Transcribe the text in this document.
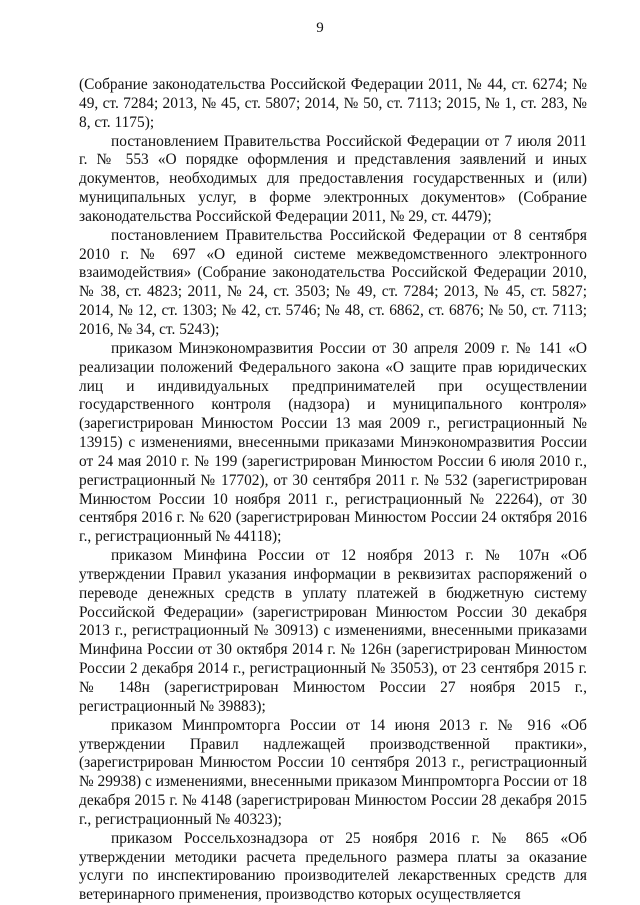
9

(Собрание законодательства Российской Федерации 2011, № 44, ст. 6274; № 49, ст. 7284; 2013, № 45, ст. 5807; 2014, № 50, ст. 7113; 2015, № 1, ст. 283, № 8, ст. 1175);

постановлением Правительства Российской Федерации от 7 июля 2011 г. № 553 «О порядке оформления и представления заявлений и иных документов, необходимых для предоставления государственных и (или) муниципальных услуг, в форме электронных документов» (Собрание законодательства Российской Федерации 2011, № 29, ст. 4479);

постановлением Правительства Российской Федерации от 8 сентября 2010 г. № 697 «О единой системе межведомственного электронного взаимодействия» (Собрание законодательства Российской Федерации 2010, № 38, ст. 4823; 2011, № 24, ст. 3503; № 49, ст. 7284; 2013, № 45, ст. 5827; 2014, № 12, ст. 1303; № 42, ст. 5746; № 48, ст. 6862, ст. 6876; № 50, ст. 7113; 2016, № 34, ст. 5243);

приказом Минэкономразвития России от 30 апреля 2009 г. № 141 «О реализации положений Федерального закона «О защите прав юридических лиц и индивидуальных предпринимателей при осуществлении государственного контроля (надзора) и муниципального контроля» (зарегистрирован Минюстом России 13 мая 2009 г., регистрационный № 13915) с изменениями, внесенными приказами Минэкономразвития России от 24 мая 2010 г. № 199 (зарегистрирован Минюстом России 6 июля 2010 г., регистрационный № 17702), от 30 сентября 2011 г. № 532 (зарегистрирован Минюстом России 10 ноября 2011 г., регистрационный № 22264), от 30 сентября 2016 г. № 620 (зарегистрирован Минюстом России 24 октября 2016 г., регистрационный № 44118);

приказом Минфина России от 12 ноября 2013 г. № 107н «Об утверждении Правил указания информации в реквизитах распоряжений о переводе денежных средств в уплату платежей в бюджетную систему Российской Федерации» (зарегистрирован Минюстом России 30 декабря 2013 г., регистрационный № 30913) с изменениями, внесенными приказами Минфина России от 30 октября 2014 г. № 126н (зарегистрирован Минюстом России 2 декабря 2014 г., регистрационный № 35053), от 23 сентября 2015 г. № 148н (зарегистрирован Минюстом России 27 ноября 2015 г., регистрационный № 39883);

приказом Минпромторга России от 14 июня 2013 г. № 916 «Об утверждении Правил надлежащей производственной практики», (зарегистрирован Минюстом России 10 сентября 2013 г., регистрационный № 29938) с изменениями, внесенными приказом Минпромторга России от 18 декабря 2015 г. № 4148 (зарегистрирован Минюстом России 28 декабря 2015 г., регистрационный № 40323);

приказом Россельхознадзора от 25 ноября 2016 г. № 865 «Об утверждении методики расчета предельного размера платы за оказание услуги по инспектированию производителей лекарственных средств для ветеринарного применения, производство которых осуществляется
